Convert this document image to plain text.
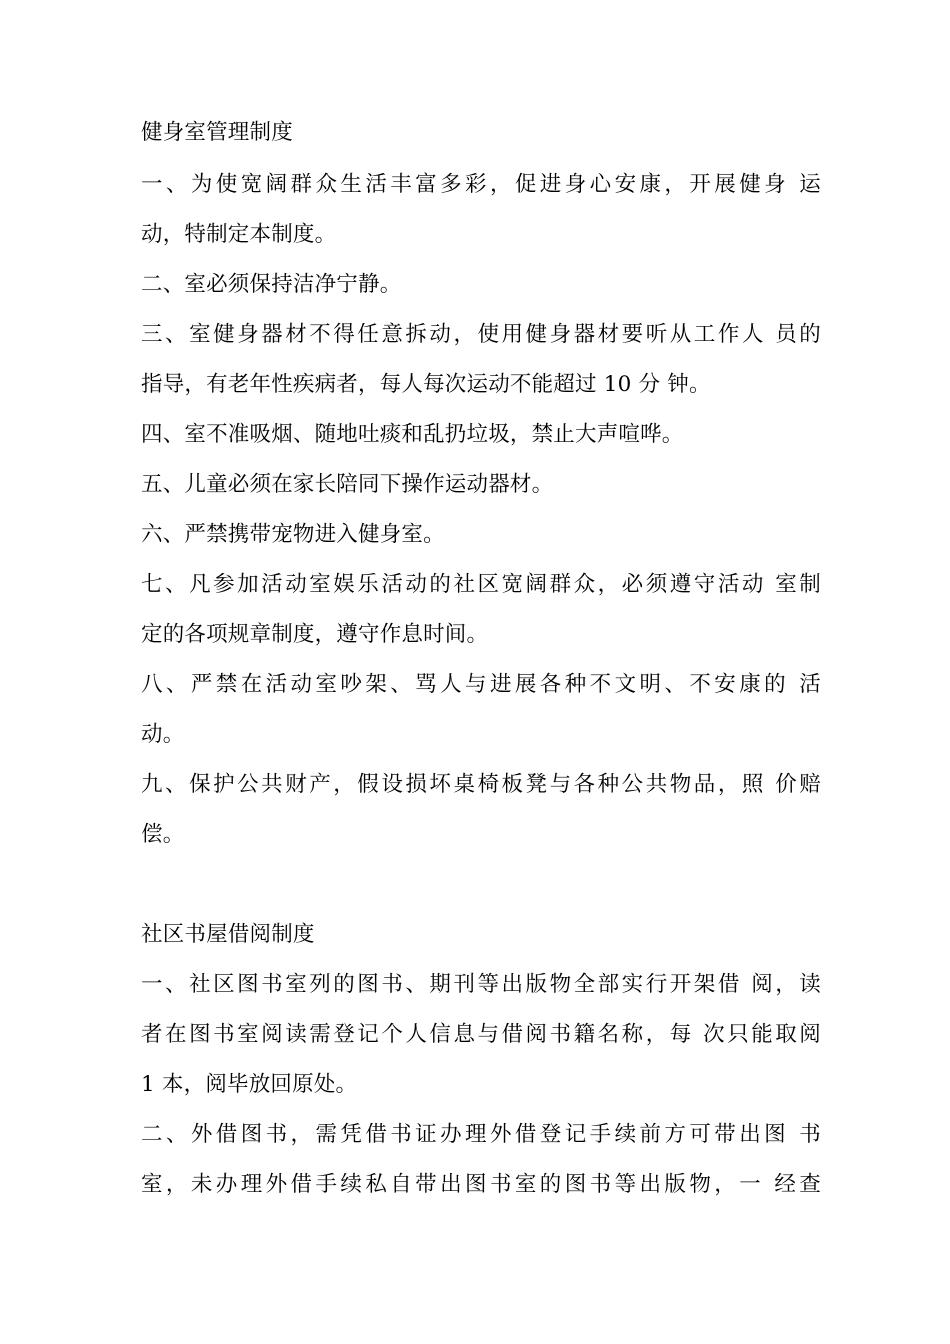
健身室管理制度
一、为使宽阔群众生活丰富多彩，促进身心安康，开展健身 运
动，特制定本制度。
二、室必须保持洁净宁静。
三、室健身器材不得任意拆动，使用健身器材要听从工作人 员的
指导，有老年性疾病者，每人每次运动不能超过 10 分 钟。
四、室不准吸烟、随地吐痰和乱扔垃圾，禁止大声喧哗。
五、儿童必须在家长陪同下操作运动器材。
六、严禁携带宠物进入健身室。
七、凡参加活动室娱乐活动的社区宽阔群众，必须遵守活动 室制
定的各项规章制度，遵守作息时间。
八、严禁在活动室吵架、骂人与进展各种不文明、不安康的 活
动。
九、保护公共财产，假设损坏桌椅板凳与各种公共物品，照 价赔
偿。
社区书屋借阅制度
一、社区图书室列的图书、期刊等出版物全部实行开架借 阅，读
者在图书室阅读需登记个人信息与借阅书籍名称，每 次只能取阅
1 本，阅毕放回原处。
二、外借图书，需凭借书证办理外借登记手续前方可带出图 书
室，未办理外借手续私自带出图书室的图书等出版物，一 经查
